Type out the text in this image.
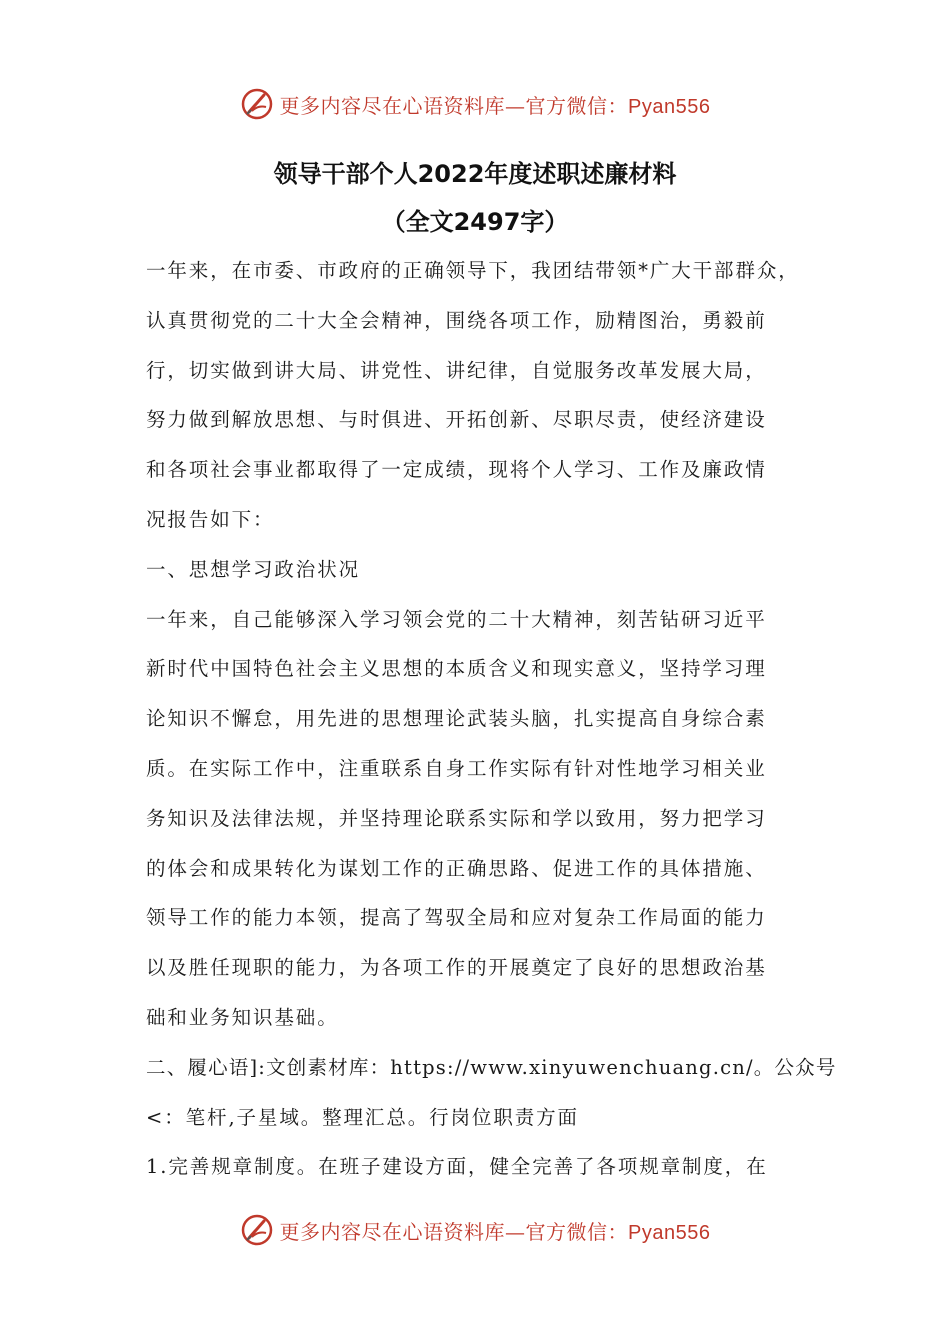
更多内容尽在心语资料库—官方微信：Pyan556
领导干部个人2022年度述职述廉材料
（全文2497字）
一年来，在市委、市政府的正确领导下，我团结带领*广大干部群众，
认真贯彻党的二十大全会精神，围绕各项工作，励精图治，勇毅前
行，切实做到讲大局、讲党性、讲纪律，自觉服务改革发展大局，
努力做到解放思想、与时俱进、开拓创新、尽职尽责，使经济建设
和各项社会事业都取得了一定成绩，现将个人学习、工作及廉政情
况报告如下：
一、思想学习政治状况
一年来，自己能够深入学习领会党的二十大精神，刻苦钻研习近平
新时代中国特色社会主义思想的本质含义和现实意义，坚持学习理
论知识不懈怠，用先进的思想理论武装头脑，扎实提高自身综合素
质。在实际工作中，注重联系自身工作实际有针对性地学习相关业
务知识及法律法规，并坚持理论联系实际和学以致用，努力把学习
的体会和成果转化为谋划工作的正确思路、促进工作的具体措施、
领导工作的能力本领，提高了驾驭全局和应对复杂工作局面的能力
以及胜任现职的能力，为各项工作的开展奠定了良好的思想政治基
础和业务知识基础。
二、履心语]:文创素材库：https://www.xinyuwenchuang.cn/。公众号
<：笔杆,子星域。整理汇总。行岗位职责方面
1.完善规章制度。在班子建设方面，健全完善了各项规章制度，在
更多内容尽在心语资料库—官方微信：Pyan556
